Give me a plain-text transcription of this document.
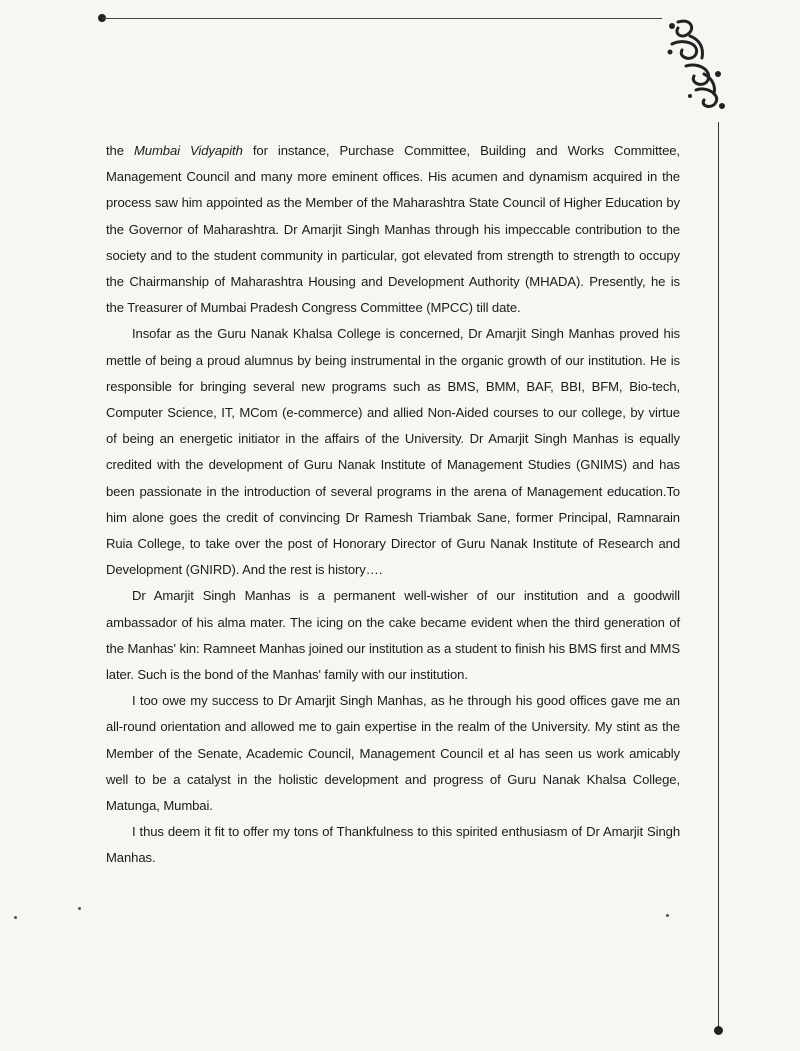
the Mumbai Vidyapith for instance, Purchase Committee, Building and Works Committee, Management Council and many more eminent offices. His acumen and dynamism acquired in the process saw him appointed as the Member of the Maharashtra State Council of Higher Education by the Governor of Maharashtra. Dr Amarjit Singh Manhas through his impeccable contribution to the society and to the student community in particular, got elevated from strength to strength to occupy the Chairmanship of Maharashtra Housing and Development Authority (MHADA). Presently, he is the Treasurer of Mumbai Pradesh Congress Committee (MPCC) till date.

Insofar as the Guru Nanak Khalsa College is concerned, Dr Amarjit Singh Manhas proved his mettle of being a proud alumnus by being instrumental in the organic growth of our institution. He is responsible for bringing several new programs such as BMS, BMM, BAF, BBI, BFM, Bio-tech, Computer Science, IT, MCom (e-commerce) and allied Non-Aided courses to our college, by virtue of being an energetic initiator in the affairs of the University. Dr Amarjit Singh Manhas is equally credited with the development of Guru Nanak Institute of Management Studies (GNIMS) and has been passionate in the introduction of several programs in the arena of Management education.To him alone goes the credit of convincing Dr Ramesh Triambak Sane, former Principal, Ramnarain Ruia College, to take over the post of Honorary Director of Guru Nanak Institute of Research and Development (GNIRD). And the rest is history….

Dr Amarjit Singh Manhas is a permanent well-wisher of our institution and a goodwill ambassador of his alma mater. The icing on the cake became evident when the third generation of the Manhas' kin: Ramneet Manhas joined our institution as a student to finish his BMS first and MMS later. Such is the bond of the Manhas' family with our institution.

I too owe my success to Dr Amarjit Singh Manhas, as he through his good offices gave me an all-round orientation and allowed me to gain expertise in the realm of the University. My stint as the Member of the Senate, Academic Council, Management Council et al has seen us work amicably well to be a catalyst in the holistic development and progress of Guru Nanak Khalsa College, Matunga, Mumbai.

I thus deem it fit to offer my tons of Thankfulness to this spirited enthusiasm of Dr Amarjit Singh Manhas.
